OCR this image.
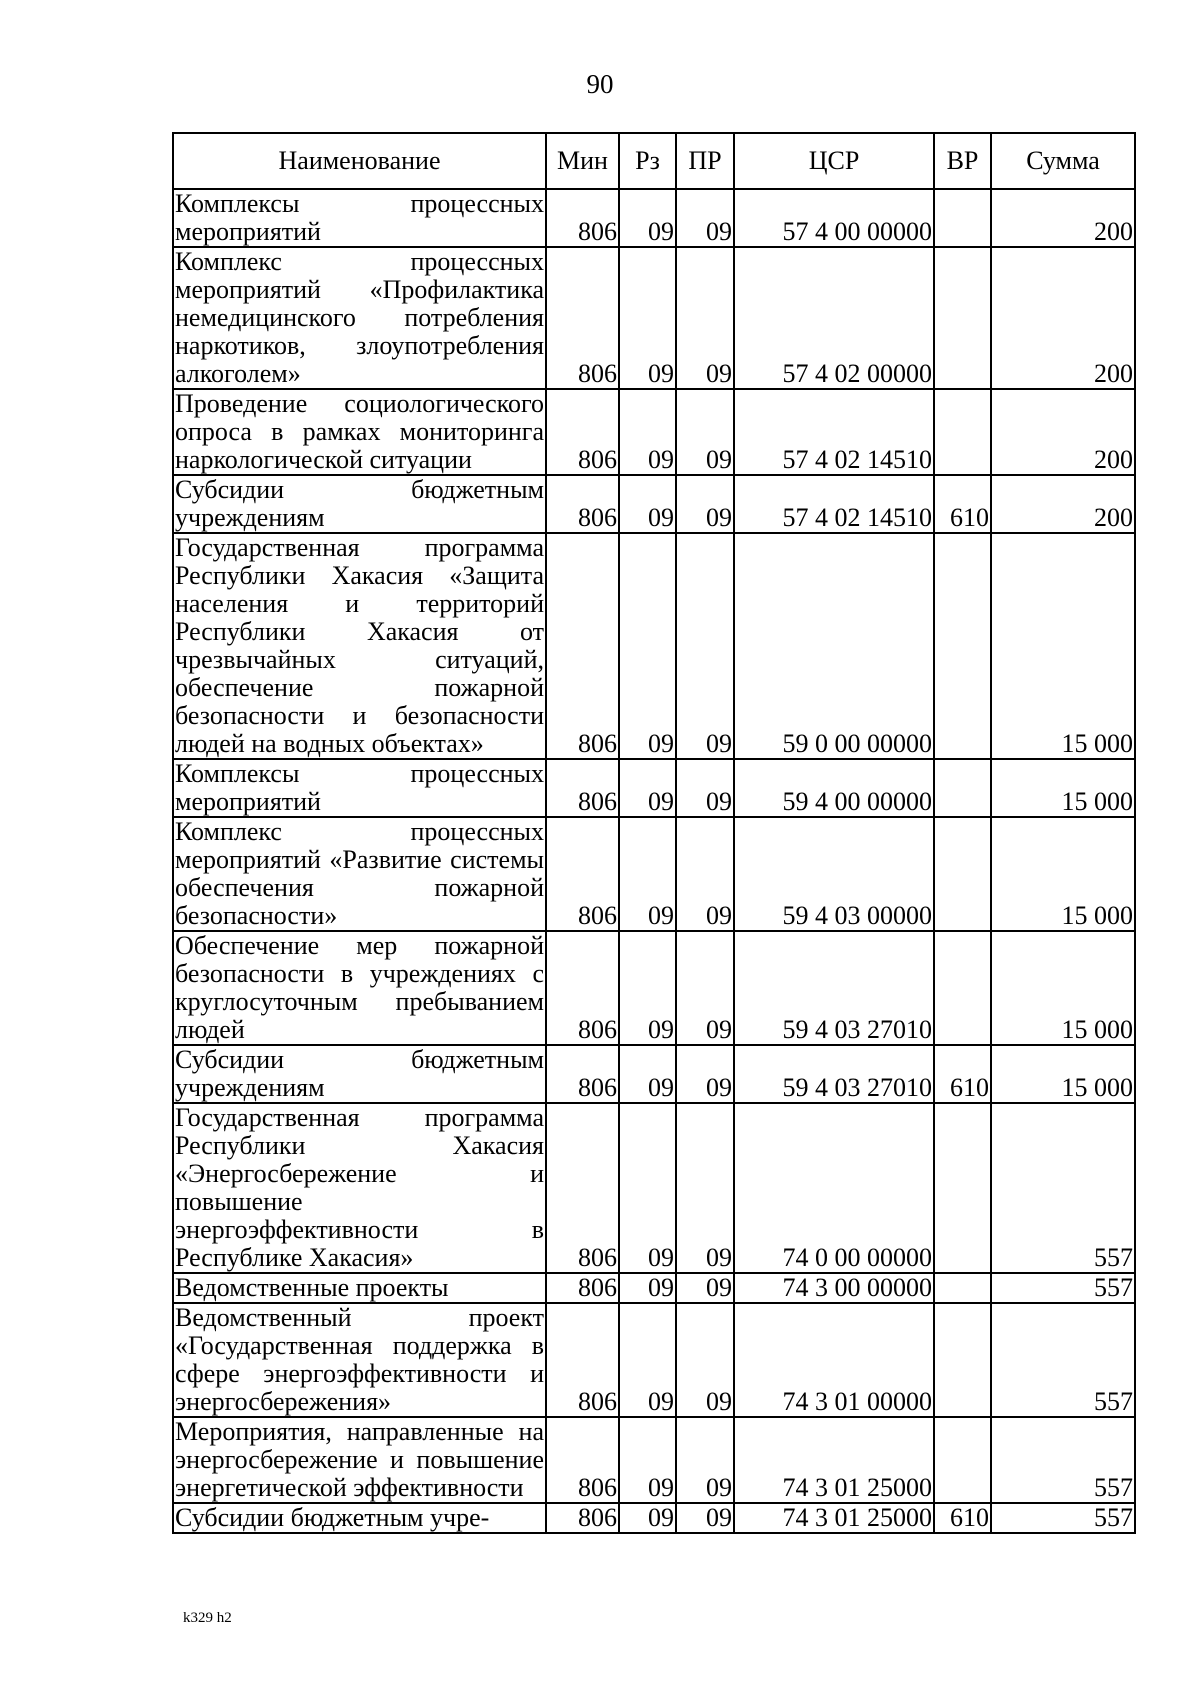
90
Наименование	Мин	Рз	ПР	ЦСР	ВР	Сумма
Комплексы процессных мероприятий	806	09	09	57 4 00 00000		200
Комплекс процессных мероприятий «Профилактика немедицинского потребления наркотиков, злоупотребления алкоголем»	806	09	09	57 4 02 00000		200
Проведение социологического опроса в рамках мониторинга наркологической ситуации	806	09	09	57 4 02 14510		200
Субсидии бюджетным учреждениям	806	09	09	57 4 02 14510	610	200
Государственная программа Республики Хакасия «Защита населения и территорий Республики Хакасия от чрезвычайных ситуаций, обеспечение пожарной безопасности и безопасности людей на водных объектах»	806	09	09	59 0 00 00000		15 000
Комплексы процессных мероприятий	806	09	09	59 4 00 00000		15 000
Комплекс процессных мероприятий «Развитие системы обеспечения пожарной безопасности»	806	09	09	59 4 03 00000		15 000
Обеспечение мер пожарной безопасности в учреждениях с круглосуточным пребыванием людей	806	09	09	59 4 03 27010		15 000
Субсидии бюджетным учреждениям	806	09	09	59 4 03 27010	610	15 000
Государственная программа Республики Хакасия «Энергосбережение и повышение энергоэффективности в Республике Хакасия»	806	09	09	74 0 00 00000		557
Ведомственные проекты	806	09	09	74 3 00 00000		557
Ведомственный проект «Государственная поддержка в сфере энергоэффективности и энергосбережения»	806	09	09	74 3 01 00000		557
Мероприятия, направленные на энергосбережение и повышение энергетической эффективности	806	09	09	74 3 01 25000		557
Субсидии бюджетным учре-	806	09	09	74 3 01 25000	610	557
k329 h2
